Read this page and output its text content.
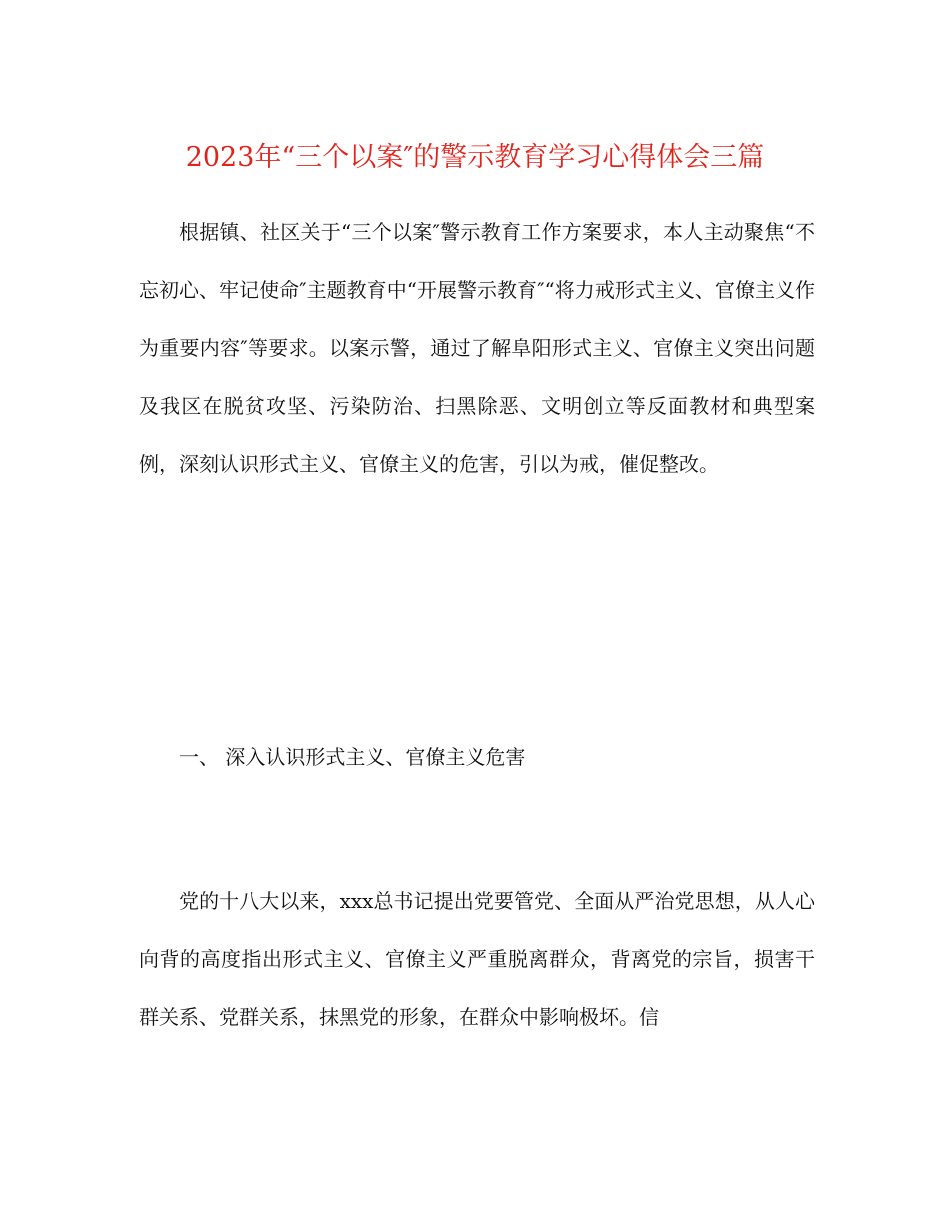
2023年“三个以案″的警示教育学习心得体会三篇

根据镇、社区关于“三个以案″警示教育工作方案要求，本人主动聚焦“不忘初心、牢记使命″主题教育中“开展警示教育″“将力戒形式主义、官僚主义作为重要内容″等要求。以案示警，通过了解阜阳形式主义、官僚主义突出问题及我区在脱贫攻坚、污染防治、扫黑除恶、文明创立等反面教材和典型案例，深刻认识形式主义、官僚主义的危害，引以为戒，催促整改。

一、 深入认识形式主义、官僚主义危害

党的十八大以来，xxx总书记提出党要管党、全面从严治党思想，从人心向背的高度指出形式主义、官僚主义严重脱离群众，背离党的宗旨，损害干群关系、党群关系，抹黑党的形象，在群众中影响极坏。信
